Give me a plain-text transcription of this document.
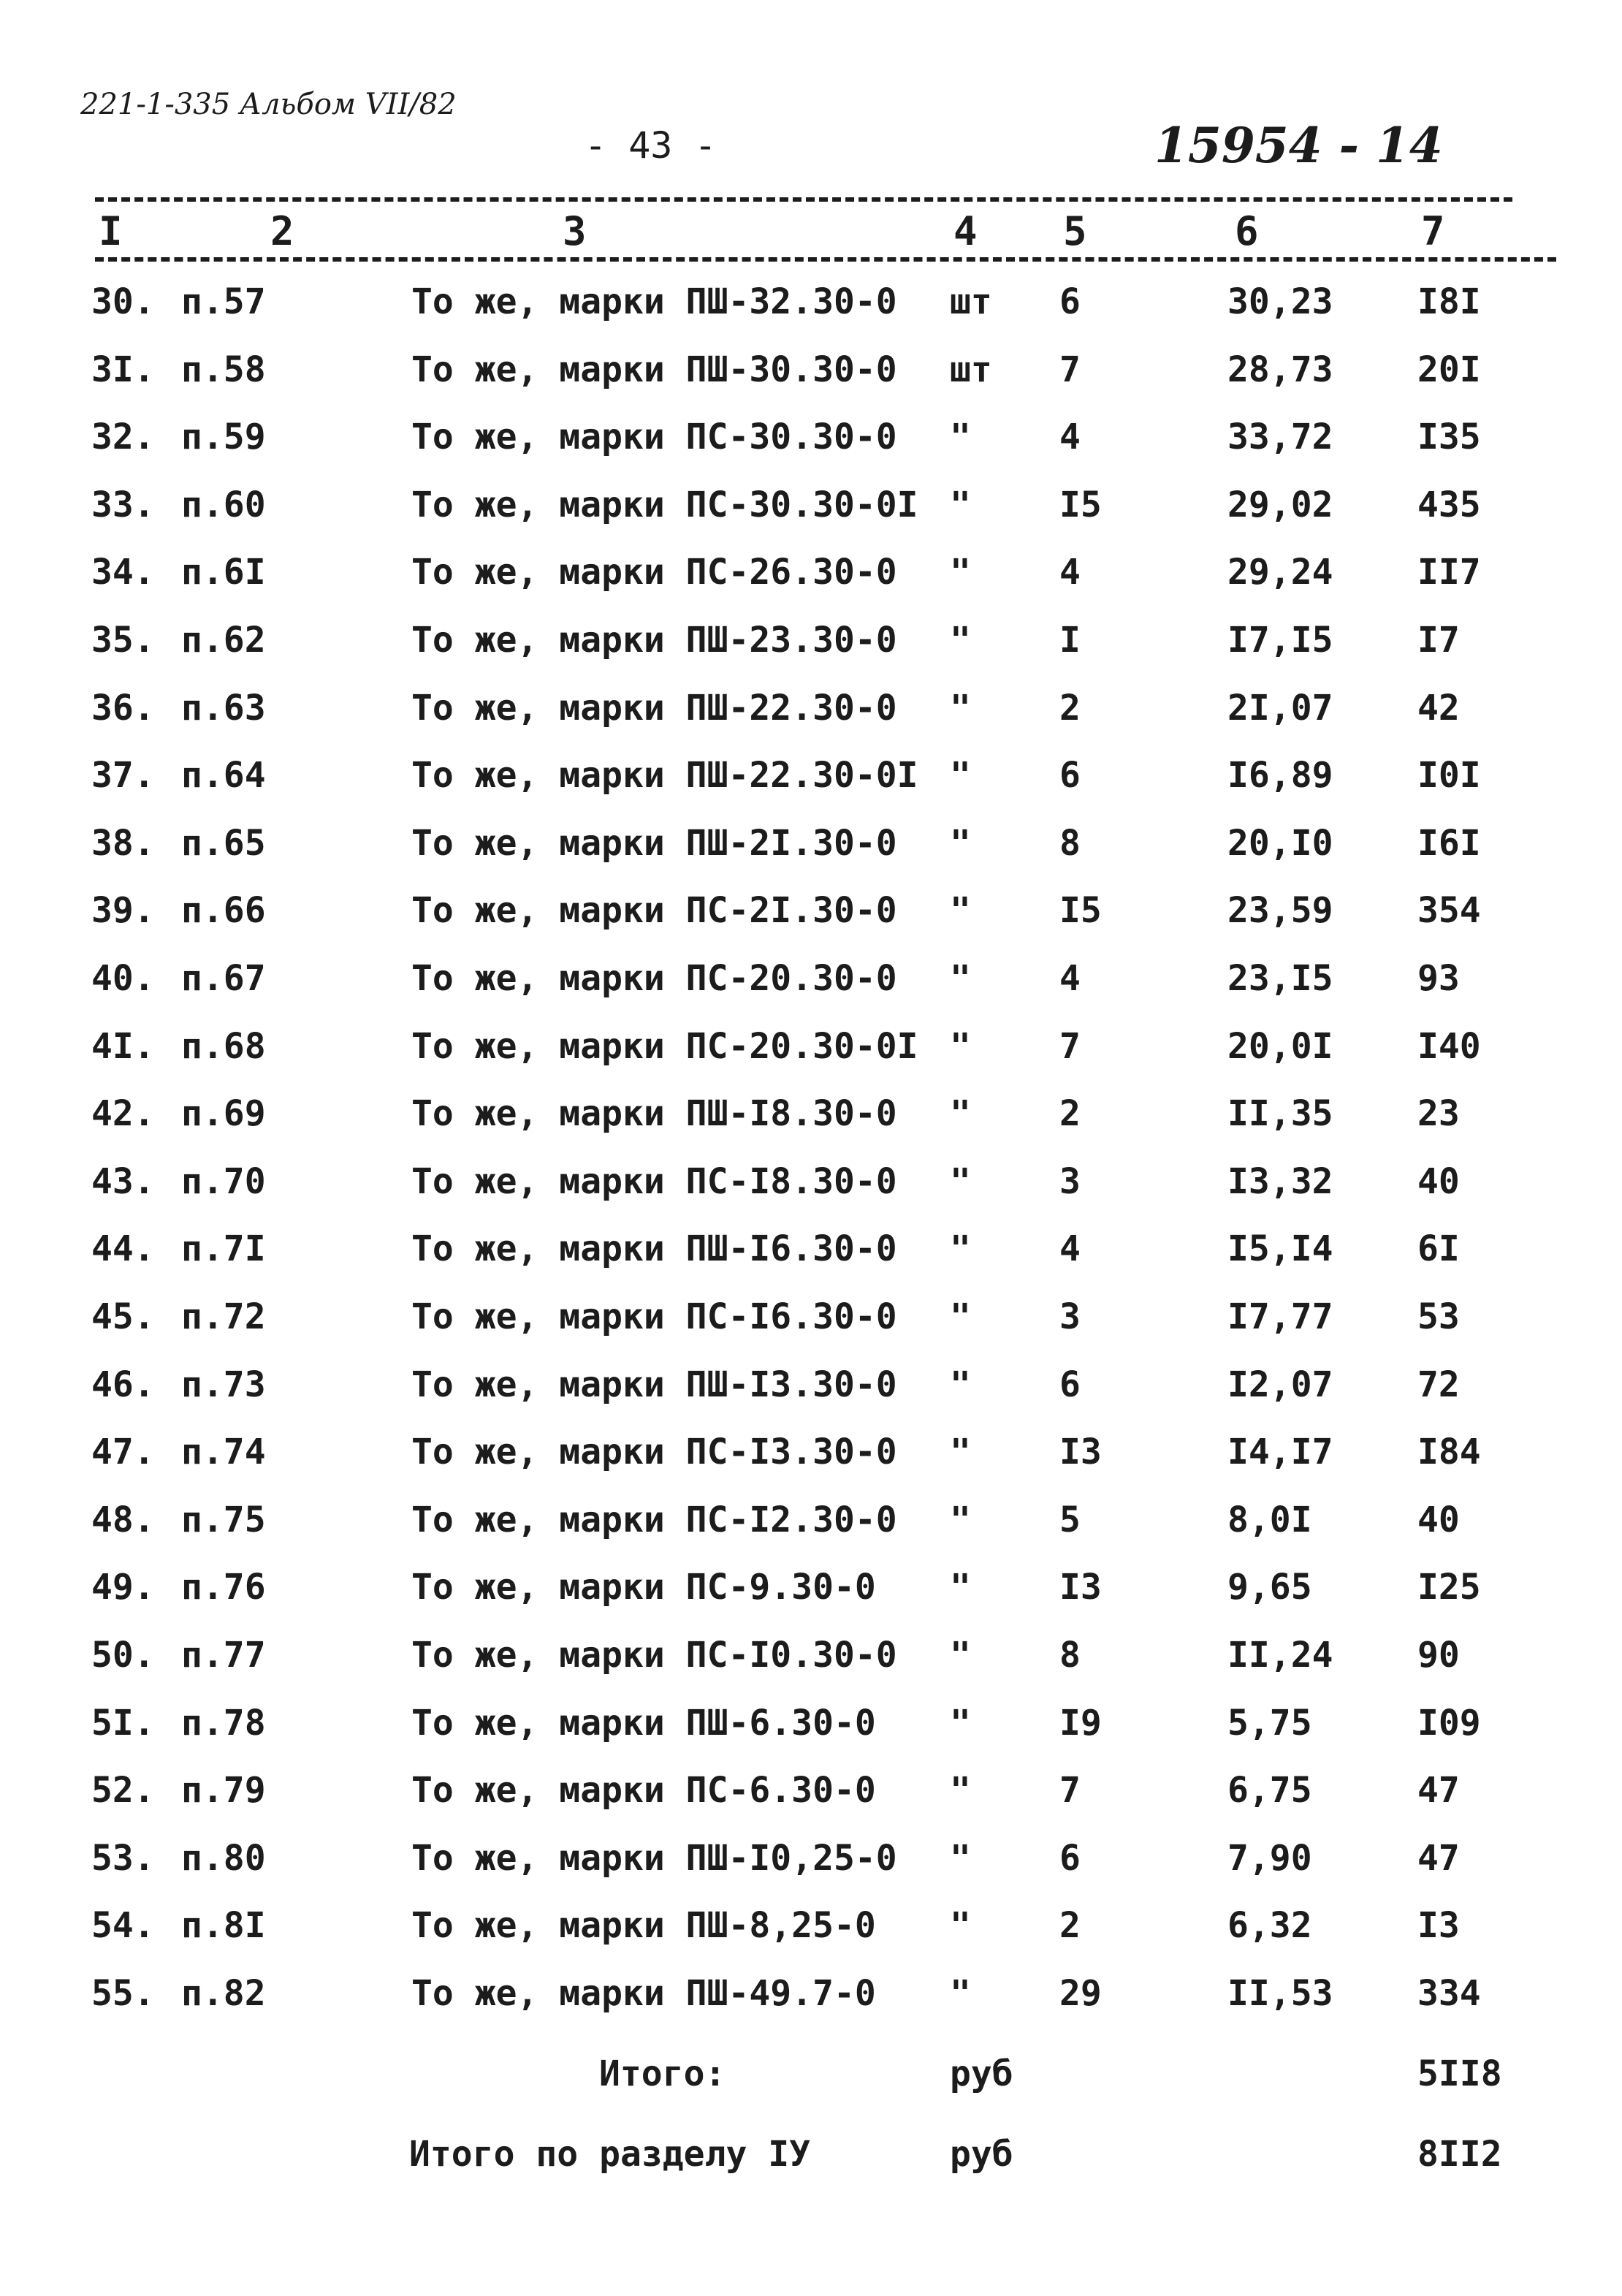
221-1-335 Альбом VII/82
- 43 -	15954 - 14
I	2	3	4 5	6	7
30. п.57	То же, марки ПШ-32.30-0 шт 6	30,23 I8I
3I. п.58	То же, марки ПШ-30.30-0 шт 7	28,73 20I
32. п.59	То же, марки ПС-30.30-0 "	4	33,72 I35
33. п.60	То же, марки ПС-30.30-0I "	I5	29,02 435
34. п.6I	То же, марки ПС-26.30-0 "	4	29,24 II7
35. п.62	То же, марки ПШ-23.30-0 "	I	I7,I5 I7
36. п.63	То же, марки ПШ-22.30-0 "	2	2I,07 42
37. п.64	То же, марки ПШ-22.30-0I "	6	I6,89 I0I
38. п.65	То же, марки ПШ-2I.30-0 "	8	20,I0 I6I
39. п.66	То же, марки ПС-2I.30-0 "	I5	23,59 354
40. п.67	То же, марки ПС-20.30-0 "	4	23,I5 93
4I. п.68	То же, марки ПС-20.30-0I "	7	20,0I I40
42. п.69	То же, марки ПШ-I8.30-0 "	2	II,35 23
43. п.70	То же, марки ПС-I8.30-0 "	3	I3,32 40
44. п.7I	То же, марки ПШ-I6.30-0 "	4	I5,I4 6I
45. п.72	То же, марки ПС-I6.30-0 "	3	I7,77 53
46. п.73	То же, марки ПШ-I3.30-0 "	6	I2,07 72
47. п.74	То же, марки ПС-I3.30-0 "	I3	I4,I7 I84
48. п.75	То же, марки ПС-I2.30-0 "	5	8,0I	40
49. п.76	То же, марки ПС-9.30-0 "	I3	9,65	I25
50. п.77	То же, марки ПС-I0.30-0 "	8	II,24 90
5I. п.78	То же, марки ПШ-6.30-0 "	I9	5,75	I09
52. п.79	То же, марки ПС-6.30-0 "	7	6,75	47
53. п.80	То же, марки ПШ-I0,25-0 "	6	7,90	47
54. п.8I	То же, марки ПШ-8,25-0 "	2	6,32	I3
55. п.82	То же, марки ПШ-49.7-0 "	29	II,53 334
Итого:	руб	5II8
Итого по разделу IУ	руб	8II2
